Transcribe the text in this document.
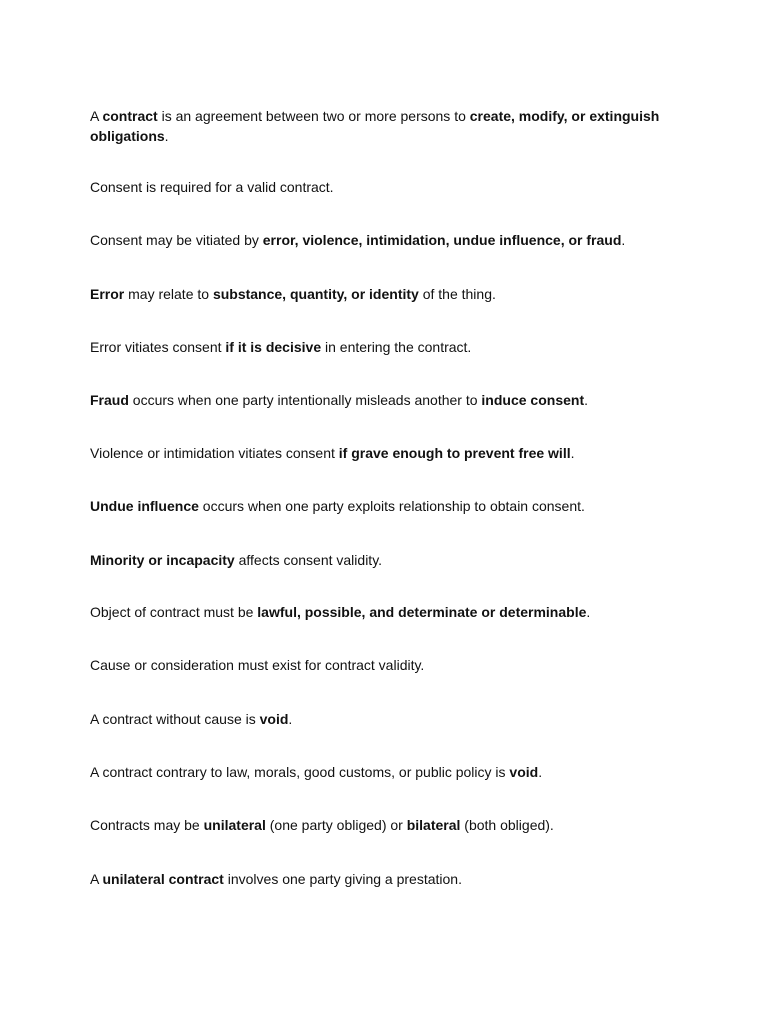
A contract is an agreement between two or more persons to create, modify, or extinguish obligations.

Consent is required for a valid contract.

Consent may be vitiated by error, violence, intimidation, undue influence, or fraud.

Error may relate to substance, quantity, or identity of the thing.

Error vitiates consent if it is decisive in entering the contract.

Fraud occurs when one party intentionally misleads another to induce consent.

Violence or intimidation vitiates consent if grave enough to prevent free will.

Undue influence occurs when one party exploits relationship to obtain consent.

Minority or incapacity affects consent validity.

Object of contract must be lawful, possible, and determinate or determinable.

Cause or consideration must exist for contract validity.

A contract without cause is void.

A contract contrary to law, morals, good customs, or public policy is void.

Contracts may be unilateral (one party obliged) or bilateral (both obliged).

A unilateral contract involves one party giving a prestation.
